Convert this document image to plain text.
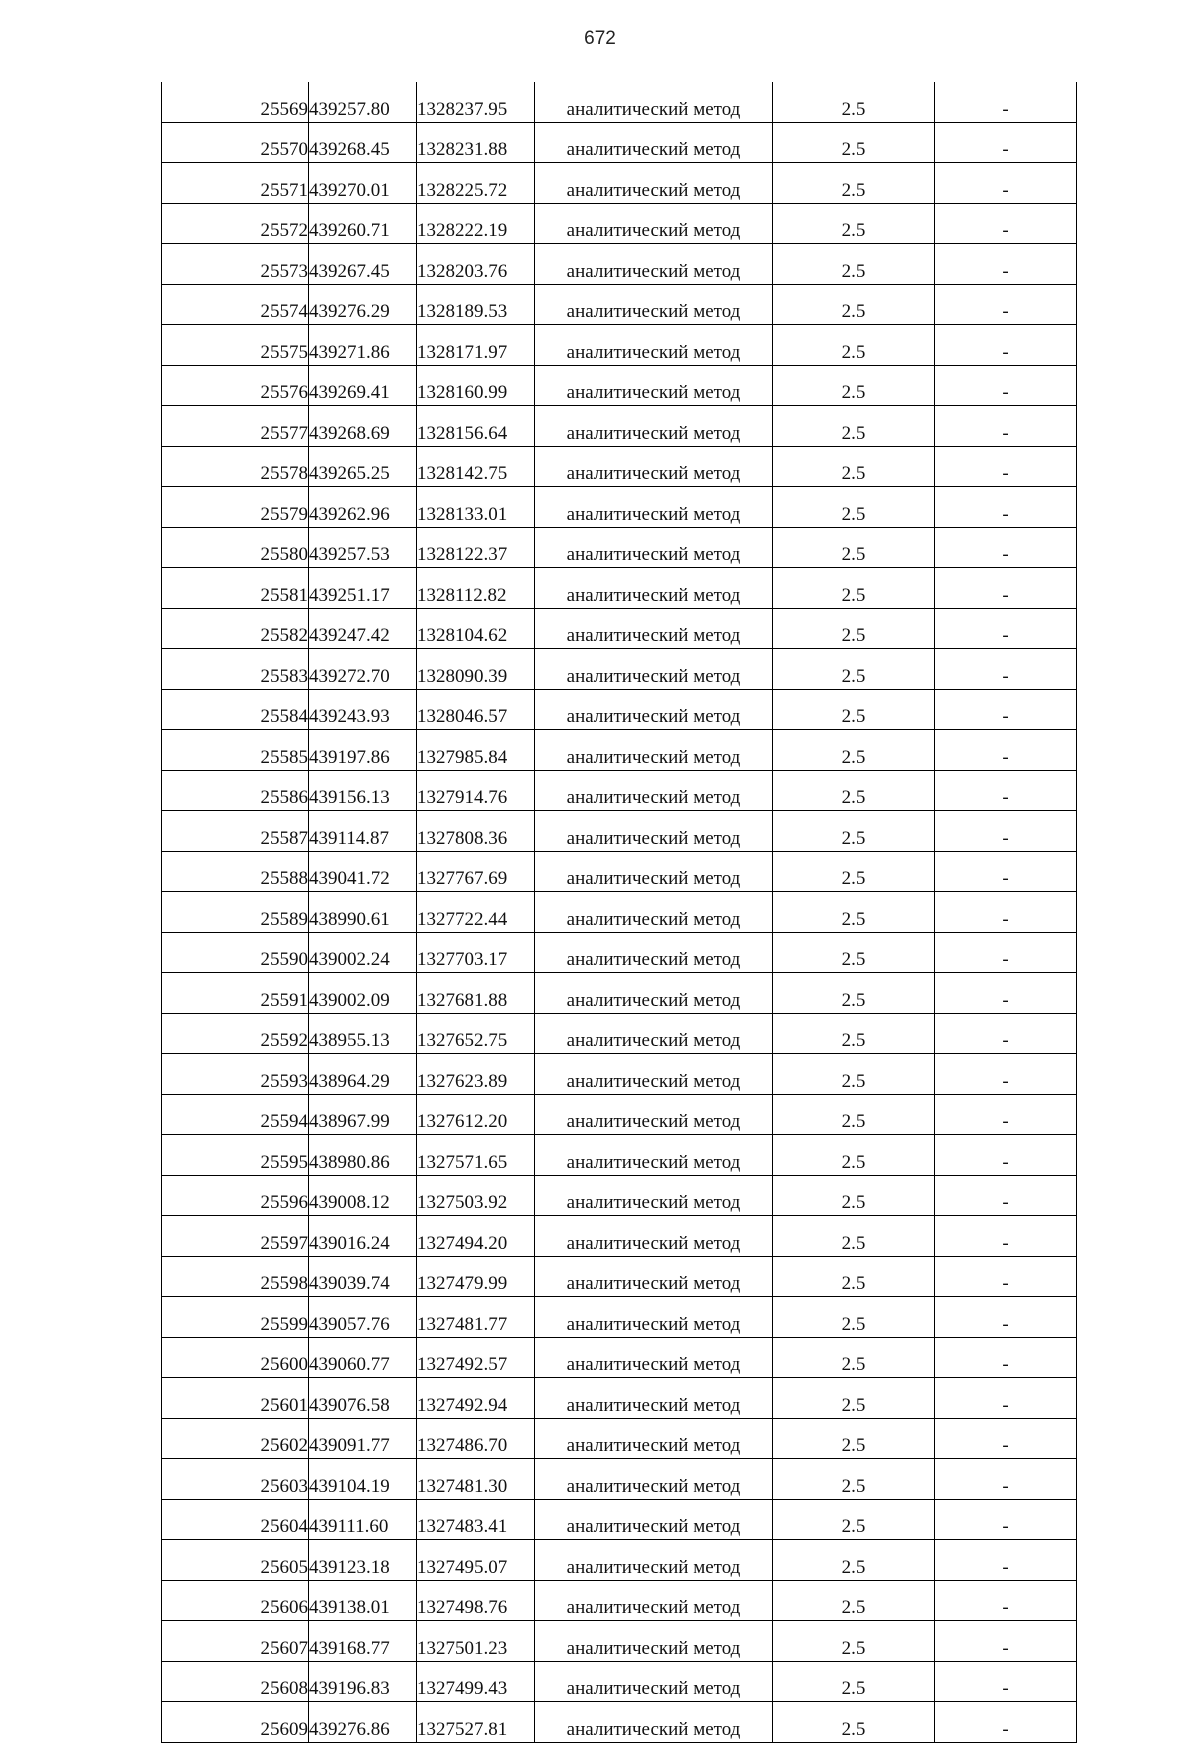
672
25569	439257.80	1328237.95	аналитический метод	2.5	-
25570	439268.45	1328231.88	аналитический метод	2.5	-
25571	439270.01	1328225.72	аналитический метод	2.5	-
25572	439260.71	1328222.19	аналитический метод	2.5	-
25573	439267.45	1328203.76	аналитический метод	2.5	-
25574	439276.29	1328189.53	аналитический метод	2.5	-
25575	439271.86	1328171.97	аналитический метод	2.5	-
25576	439269.41	1328160.99	аналитический метод	2.5	-
25577	439268.69	1328156.64	аналитический метод	2.5	-
25578	439265.25	1328142.75	аналитический метод	2.5	-
25579	439262.96	1328133.01	аналитический метод	2.5	-
25580	439257.53	1328122.37	аналитический метод	2.5	-
25581	439251.17	1328112.82	аналитический метод	2.5	-
25582	439247.42	1328104.62	аналитический метод	2.5	-
25583	439272.70	1328090.39	аналитический метод	2.5	-
25584	439243.93	1328046.57	аналитический метод	2.5	-
25585	439197.86	1327985.84	аналитический метод	2.5	-
25586	439156.13	1327914.76	аналитический метод	2.5	-
25587	439114.87	1327808.36	аналитический метод	2.5	-
25588	439041.72	1327767.69	аналитический метод	2.5	-
25589	438990.61	1327722.44	аналитический метод	2.5	-
25590	439002.24	1327703.17	аналитический метод	2.5	-
25591	439002.09	1327681.88	аналитический метод	2.5	-
25592	438955.13	1327652.75	аналитический метод	2.5	-
25593	438964.29	1327623.89	аналитический метод	2.5	-
25594	438967.99	1327612.20	аналитический метод	2.5	-
25595	438980.86	1327571.65	аналитический метод	2.5	-
25596	439008.12	1327503.92	аналитический метод	2.5	-
25597	439016.24	1327494.20	аналитический метод	2.5	-
25598	439039.74	1327479.99	аналитический метод	2.5	-
25599	439057.76	1327481.77	аналитический метод	2.5	-
25600	439060.77	1327492.57	аналитический метод	2.5	-
25601	439076.58	1327492.94	аналитический метод	2.5	-
25602	439091.77	1327486.70	аналитический метод	2.5	-
25603	439104.19	1327481.30	аналитический метод	2.5	-
25604	439111.60	1327483.41	аналитический метод	2.5	-
25605	439123.18	1327495.07	аналитический метод	2.5	-
25606	439138.01	1327498.76	аналитический метод	2.5	-
25607	439168.77	1327501.23	аналитический метод	2.5	-
25608	439196.83	1327499.43	аналитический метод	2.5	-
25609	439276.86	1327527.81	аналитический метод	2.5	-
